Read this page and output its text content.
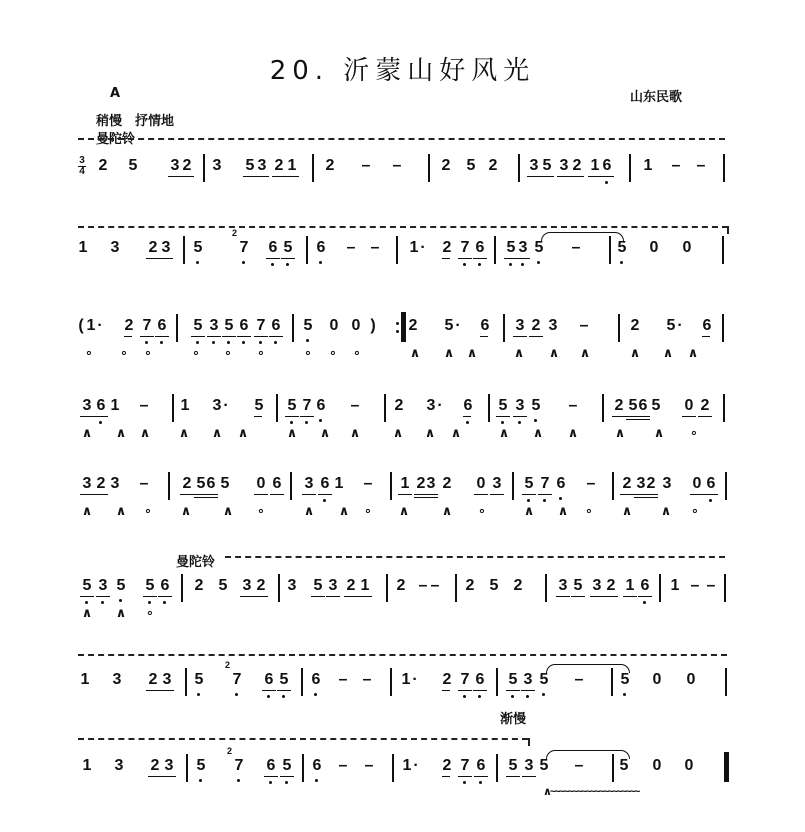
20. 沂蒙山好风光
A	山东民歌
稍慢　抒情地
曼陀铃
3
4 2 5 3 2 3 5 3 2 1 2 – –	2 5 2 3 5 3 2 1 6 1 – –
1 3 2 3 5 7
2
6 5 6 – – 1 · 2 7 6 5 3 5 – 5 0 0
( 1 · 2 7 6 5 3 5 6 7 6 5 0 0 ) 2 5 · 6 3 2 3 –	2 5 · 6
∘ ∘ ∘	∘ ∘ ∘	∘ ∘ ∘	∧ ∧ ∧	∧ ∧ ∧	∧ ∧ ∧
3 6 1 – 1 3 · 5 5 7 6 – 2 3 · 6 5 3 5 – 2 5 6 5 0 2
∧ ∧ ∧ ∧ ∧ ∧	∧ ∧ ∧ ∧ ∧ ∧	∧ ∧ ∧	∧ ∧ ∘
3 2 3 – 2 5 6 5 0 6 3 6 1 – 1 2 3 2 0 3 5 7 6 – 2 3 2 3 0 6
∧ ∧	∧ ∧	∧ ∧	∧ ∧	∧ ∧	∧ ∧
∘	∘	∘	∘	∘	∘
曼陀铃
5 3 5 5 6 2 5 3 2 3 5 3 2 1 2 – – 2 5 2 3 5 3 2 1 6 1 – –
∧ ∧ ∘
渐慢
1 3 2 3 5 7
2
6 5 6 – – 1 · 2 7 6 5 3 5 – 5 0 0
1 3 2 3 5 7
2
6 5 6 – – 1 · 2 7 6 5 3 5 – 5 0 0
∧~~~~~~~~~~~~~~~~~~~~
